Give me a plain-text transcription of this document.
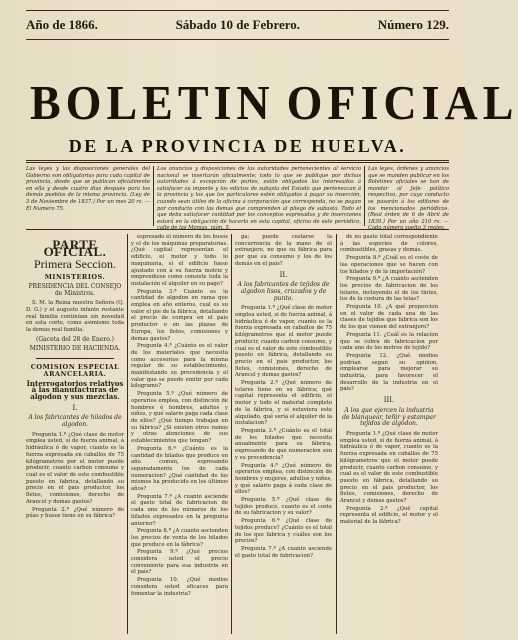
Año de 1866.	Sábado 10 de Febrero.	Número 129.
BOLETIN OFICIAL
DE LA PROVINCIA DE HUELVA.
Las leyes y las disposiciones generales del Gobierno son obligatorias para cada capital de provincia, desde que se publican oficialmente en ella y desde cuatro días después para los demás pueblos de la misma provincia. (Ley de 3 de Noviembre de 1837.) Por un mes 20 rs. — El Numero 75.
Los anuncios y disposiciones de las autoridades pertenecientes al servicio nacional se insertarán oficialmente; todo lo que se publique por dichas autoridades á excepción de partes, están obligados los interesados á satisfacer su importe y los edictos de subasta del Estado que pertenezcan á la provincia y los que los particulares estén obligados á pagar su inserción, cuando sean útiles de la oficina á corporación que corresponda, no se pagan por conducto con las demas que comprenden al pliego de subasta. Todo el que deba satisfacer cantidad por los conceptos espresados y de inserciones estará en la obligación de hacerlo en esta capital, oficina de este periódico, calle de las Monjas, núm. 5.
Las leyes, órdenes y anuncios que se manden publicar en los Boletines oficiales se han de mandar al Jefe político respectivo, por cuyo conducto se pasarán á los editores de los mencionados periódicos. (Real órden de 6 de Abril de 1839.) Por un año 210 rs. — Cada número suelto 3 reales.
PARTE OFICIAL.
Primera Seccion.
MINISTERIOS.
PRESIDENCIA DEL CONSEJO de Ministros.

S. M. la Reina nuestra Señora (Q. D. G.) y el augusto infante restante real familia continúan sin novedad en esta corte, como asimismo toda la demas real familia.

(Gaceta del 28 de Enero.)
MINISTERIO DE HACIENDA.
COMISION ESPECIAL ARANCELARIA.
Interrogatorios relativos á las manufacturas de algodon y sus mezclas.
I.
A los fabricantes de hilados de algodon.

Pregunta 1.ª ¿Qué clase de motor emplea usted, si de fuerza animal, á hidráulica ó de vapor, cuanto es la fuerza expresada en caballos de 75 kilógrametros por el motor puede producir, cuanto carbon consume y cual es el valor de este combustible puesto en fabrica, detallando su precio en el pais productor, los fletes, comisiones, derecho de Arancel y demas gastos?

Pregunta 2.ª ¿Qué número de púas y husos tiene en su fábrica?

espresado el número de los husos y el de los máquinas preparatorias. ¿Qué capital representan el edificio, el motor y todo lo maquinaria, si el edificio fuese ajustado con á su fuerza motriz y emprendiese como consiste toda la instalación el alquiler en su pago?

Pregunta 3.ª Cuánto es la cantidad de algodon en rama que emplea en año enteros, cual es su valor el pie de la fábrica, detallando el precio de compra en el pais productor o en las plazas de Europa, los fletes, comisiones y demas gastos?

Pregunta 4.ª ¿Cuánto es el valor de los materiales que necesita como accesorios para la misma regular de su establecimiento, manifestando su procedencia y el valor que se puede emitir por cada kilogramo?

Pregunta 5.ª ¿Qué número de operarios emplea, con distinción de hombres é hombres, adultos y niños, y qué salario paga cada clase de ellos? ¿Qué tiempo trabajan en su fábrica? ¿Si existen otros ramos y otras atenciones de sus establecimientos que tengan?

Pregunta 6.ª ¿Cuánto es la cantidad de hilados que produce en año comun, espresando separadamente los de cada numeracion? ¿Qué cantidad de los mismos ha producido en los últimos años?

Pregunta 7.ª ¿A cuanto asciende el gasto total de fabricacion de cada uno de los números de los hilados expresados en la pregunta anterior?

Pregunta 8.ª ¿A cuanto ascienden los precios de venta de los hilados que produce en la fábrica?

Pregunta 9.ª ¿Qué precios considera usted el precio conveniente para esa industria en el país?

Pregunta 10. ¿Qué medios considera usted eficaces para fomentar la industria?

ga; puede costarse la concurrencia de la mano de el extranjero, no que su fábrica para por que su consumo y los de los demás en el pais?

II.
A los fabricantes de tejidos de algodon lisos, cruzados y de punto.

Pregunta 1.ª ¿Qué clase de motor emplea usted, si de fuerza animal, á hidráulica ó de vapor, cuanto es la fuerza expresada en caballos de 75 kilógrametros que el motor puede producir, cuanto carbon consume, y cual es el valor de este combustible puesto en fábrica, detallando su precio en el pais productor, los fletes, comisiones, derecho de Arancel y demas gastos?

Pregunta 2.ª ¿Qué número de telares tiene en su fábrica; qué capital representa el edificio, el motor y todo el material completo de la fábrica, y si estuviera este alquilado, qué sería el alquiler de la instalacion?

Pregunta 3.ª ¿Cuánto es el total de los hilados que necesita anualmente para su fábrica, expresando de que numeracion son y su procedencia?

Pregunta 4.ª ¿Qué número de operarios emplea, con distinción de hombres y mujeres, adultos y niños, y qué salario paga á cada clase de ellos?

Pregunta 5.ª ¿Qué clase de tejidos produce, cuanto es el coste de su fabricacion y su valor?

Pregunta 6.ª ¿Qué clase de tejidos produce? ¿Cuánto es el total de los que fabrica y cuáles son los precios?

Pregunta 7.ª ¿A cuanto asciende el gasto total de fabricacion?

de no gasto total correspondiente á las especies de colores, combustibles, grasas y demás.

Pregunta 8.ª ¿Cuál es el coste de las operaciones que se hacen con los hilados y de la importación?

Pregunta 9.ª ¿A cuánto ascienden los precios de fabricacion de los telares, incluyendo el de los tintes, los de la costura de las telas?

Pregunta 10. ¿A qué proporcion en el valor de cada una de las clases de tejidos que fabrica son los de los que vienen del extranjero?

Pregunta 11. ¿Cuál es la relacion que se cobra de fabricacion por cada uno de los metros de tejido?

Pregunta 12. ¿Qué medios podrían segun su opinion, emplearse para mejorar su industria, para favorecer el desarrollo de la industria en el pais?

III.
A los que ejercen la industria de blanquear, teñir y estampar tejidos de algodon.

Pregunta 1.ª ¿Qué clase de motor emplea usted, si de fuerza animal, á hidráulica ó de vapor, cuanto es la fuerza expresada en caballos de 75 kilógrametros que el motor puede producir, cuanto carbon consume, y cual es el valor de este combustible puesto en fábrica, detallando su precio en el pais productor, los fletes, comisiones, derecho de Arancel y demas gastos?

Pregunta 2.ª ¿Qué capital representa el edificio, el motor y el material de la fábrica?
